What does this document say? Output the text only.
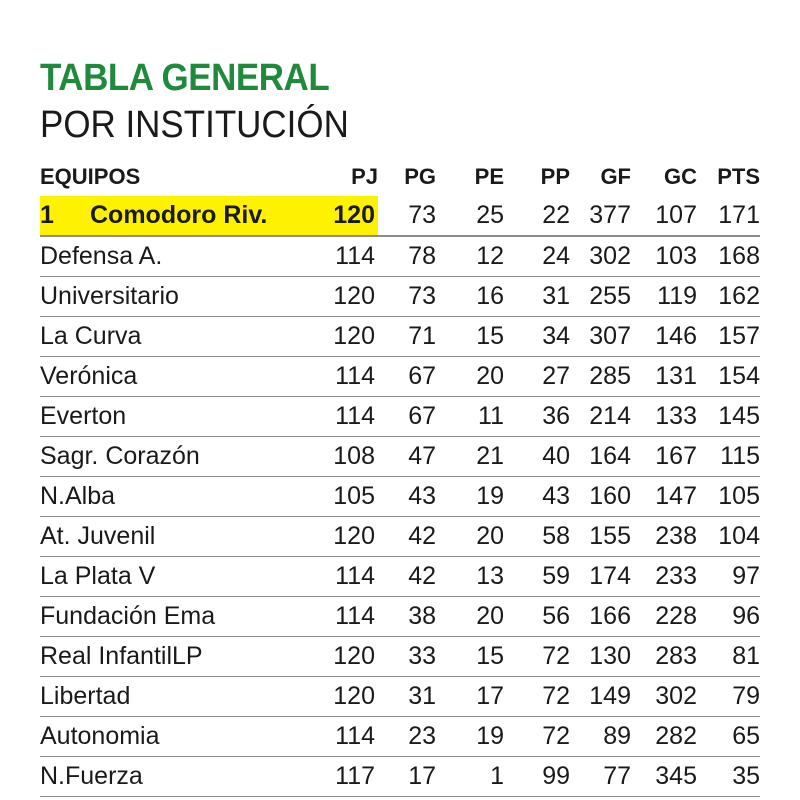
TABLA GENERAL
POR INSTITUCIÓN
EQUIPOS	PJ	PG	PE	PP	GF	GC	PTS
1 Comodoro Riv.	120	73	25	22	377	107	171
Defensa A.	114	78	12	24	302	103	168
Universitario	120	73	16	31	255	119	162
La Curva	120	71	15	34	307	146	157
Verónica	114	67	20	27	285	131	154
Everton	114	67	11	36	214	133	145
Sagr. Corazón	108	47	21	40	164	167	115
N.Alba	105	43	19	43	160	147	105
At. Juvenil	120	42	20	58	155	238	104
La Plata V	114	42	13	59	174	233	97
Fundación Ema	114	38	20	56	166	228	96
Real InfantilLP	120	33	15	72	130	283	81
Libertad	120	31	17	72	149	302	79
Autonomia	114	23	19	72	89	282	65
N.Fuerza	117	17	1	99	77	345	35
